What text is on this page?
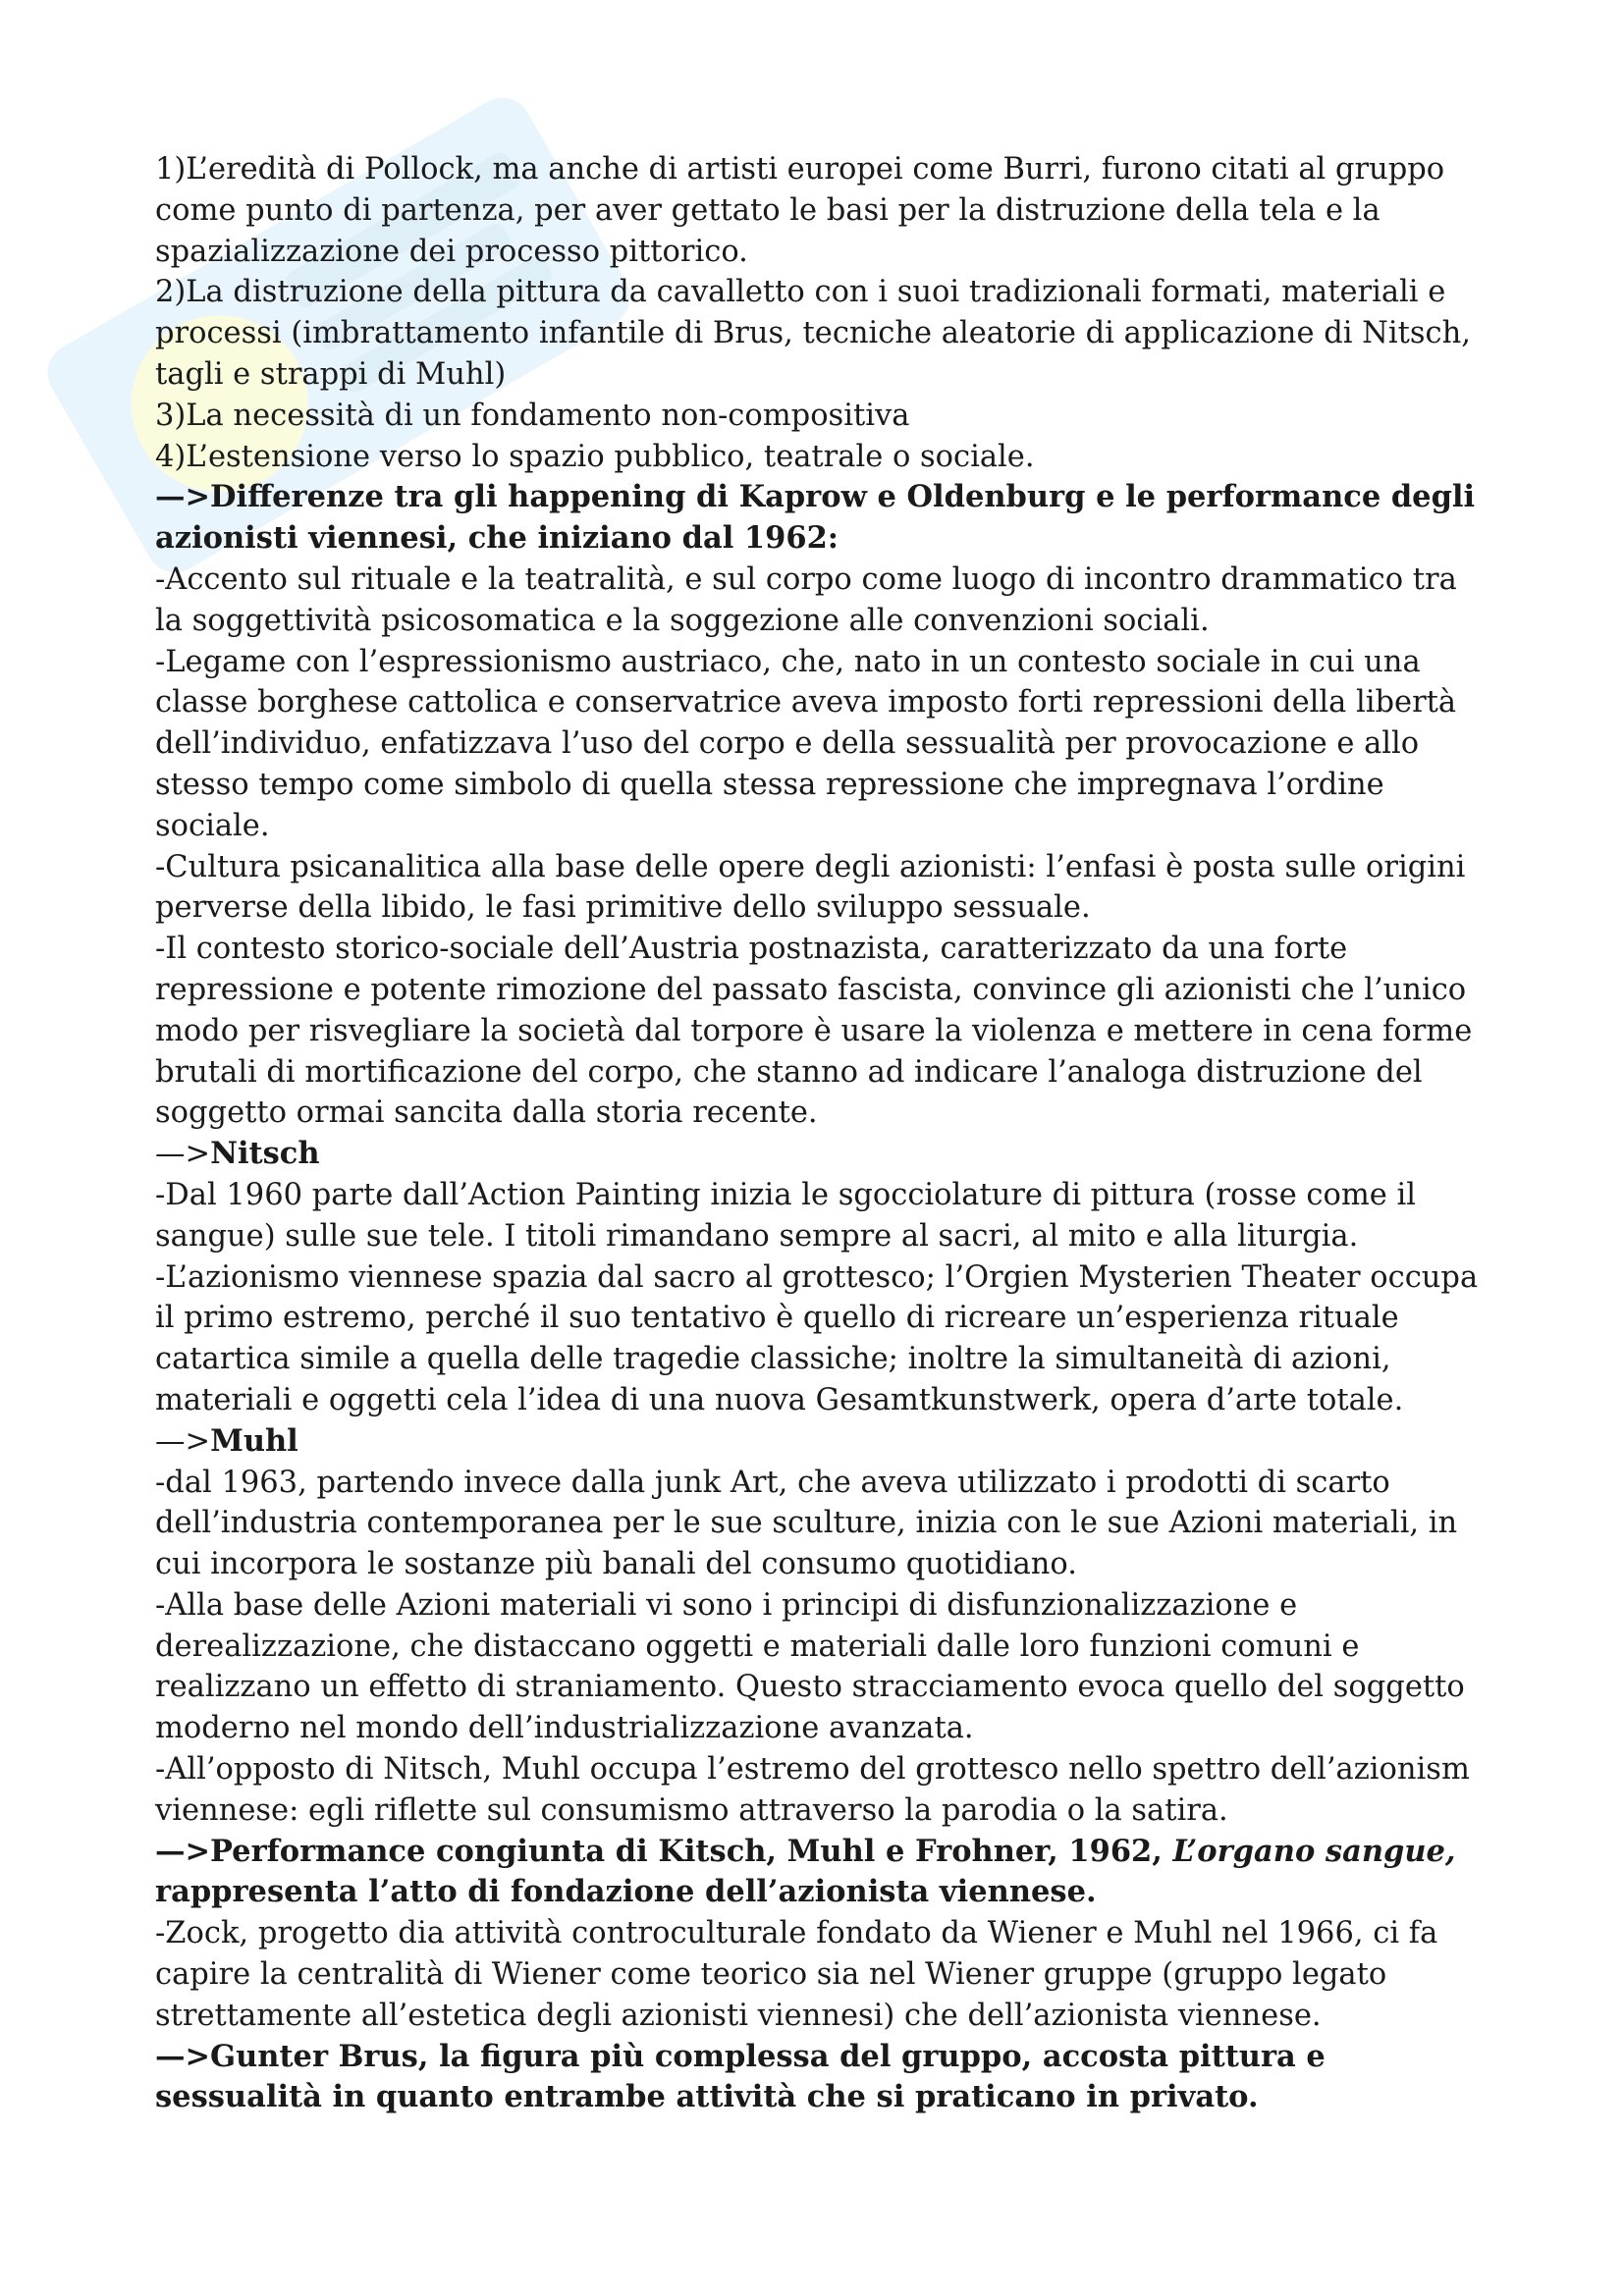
1)L’eredità di Pollock, ma anche di artisti europei come Burri, furono citati al gruppo come punto di partenza, per aver gettato le basi per la distruzione della tela e la spazializzazione dei processo pittorico.

2)La distruzione della pittura da cavalletto con i suoi tradizionali formati, materiali e processi (imbrattamento infantile di Brus, tecniche aleatorie di applicazione di Nitsch, tagli e strappi di Muhl)

3)La necessità di un fondamento non-compositiva

4)L’estensione verso lo spazio pubblico, teatrale o sociale.

—>Differenze tra gli happening di Kaprow e Oldenburg e le performance degli azionisti viennesi, che iniziano dal 1962:

-Accento sul rituale e la teatralità, e sul corpo come luogo di incontro drammatico tra la soggettività psicosomatica e la soggezione alle convenzioni sociali.

-Legame con l’espressionismo austriaco, che, nato in un contesto sociale in cui una classe borghese cattolica e conservatrice aveva imposto forti repressioni della libertà dell’individuo, enfatizzava l’uso del corpo e della sessualità per provocazione e allo stesso tempo come simbolo di quella stessa repressione che impregnava l’ordine sociale.

-Cultura psicanalitica alla base delle opere degli azionisti: l’enfasi è posta sulle origini perverse della libido, le fasi primitive dello sviluppo sessuale.

-Il contesto storico-sociale dell’Austria postnazista, caratterizzato da una forte repressione e potente rimozione del passato fascista, convince gli azionisti che l’unico modo per risvegliare la società dal torpore è usare la violenza e mettere in cena forme brutali di mortificazione del corpo, che stanno ad indicare l’analoga distruzione del soggetto ormai sancita dalla storia recente.

—>Nitsch

-Dal 1960 parte dall’Action Painting inizia le sgocciolature di pittura (rosse come il sangue) sulle sue tele. I titoli rimandano sempre al sacri, al mito e alla liturgia.

-L’azionismo viennese spazia dal sacro al grottesco; l’Orgien Mysterien Theater occupa il primo estremo, perché il suo tentativo è quello di ricreare un’esperienza rituale catartica simile a quella delle tragedie classiche; inoltre la simultaneità di azioni, materiali e oggetti cela l’idea di una nuova Gesamtkunstwerk, opera d’arte totale.

—>Muhl

-dal 1963, partendo invece dalla junk Art, che aveva utilizzato i prodotti di scarto dell’industria contemporanea per le sue sculture, inizia con le sue Azioni materiali, in cui incorpora le sostanze più banali del consumo quotidiano.

-Alla base delle Azioni materiali vi sono i principi di disfunzionalizzazione e derealizzazione, che distaccano oggetti e materiali dalle loro funzioni comuni e realizzano un effetto di straniamento. Questo stracciamento evoca quello del soggetto moderno nel mondo dell’industrializzazione avanzata.

-All’opposto di Nitsch, Muhl occupa l’estremo del grottesco nello spettro dell’azionism viennese: egli riflette sul consumismo attraverso la parodia o la satira.

—>Performance congiunta di Kitsch, Muhl e Frohner, 1962, L’organo sangue, rappresenta l’atto di fondazione dell’azionista viennese.

-Zock, progetto dia attività controculturale fondato da Wiener e Muhl nel 1966, ci fa capire la centralità di Wiener come teorico sia nel Wiener gruppe (gruppo legato strettamente all’estetica degli azionisti viennesi) che dell’azionista viennese.

—>Gunter Brus, la figura più complessa del gruppo, accosta pittura e sessualità in quanto entrambe attività che si praticano in privato.
